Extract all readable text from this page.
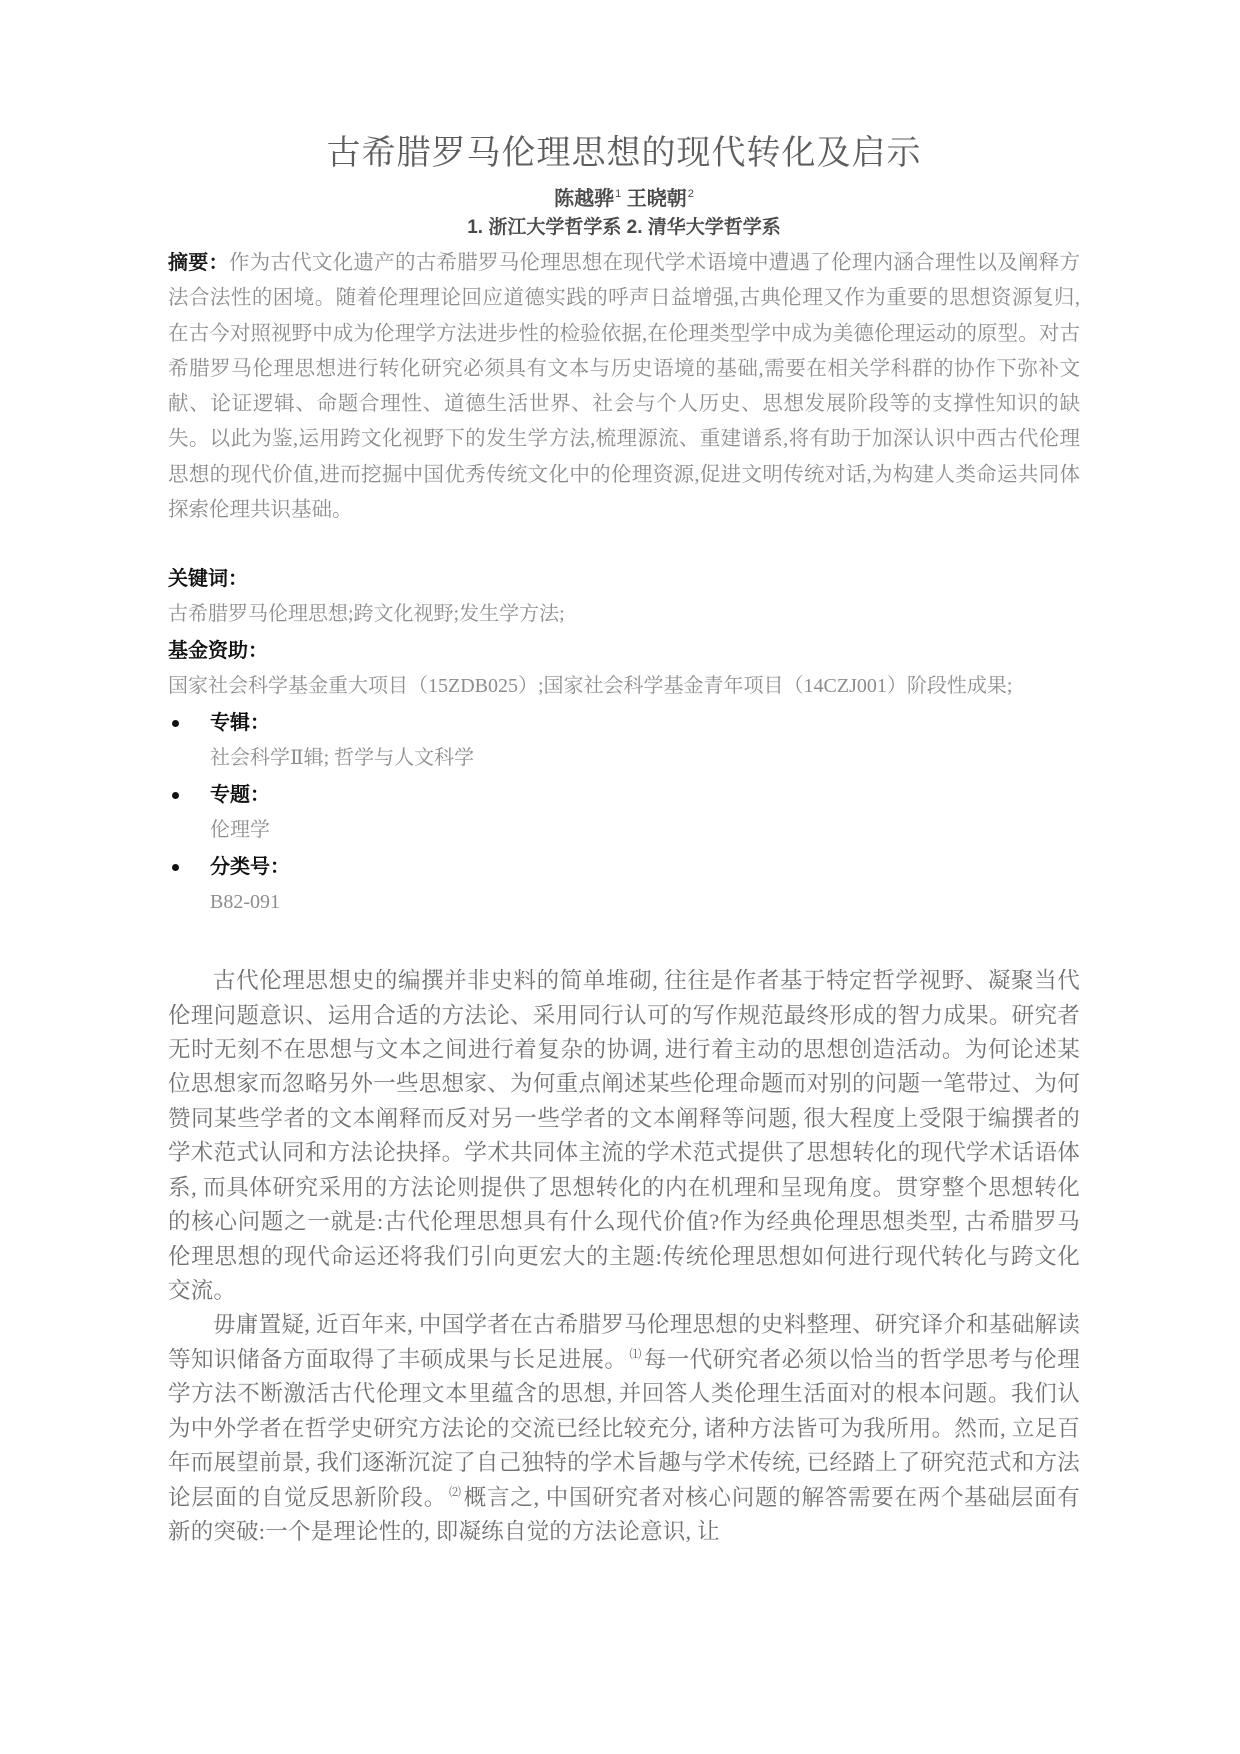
古希腊罗马伦理思想的现代转化及启示
陈越骅$^1$ 王晓朝$^2$
1. 浙江大学哲学系 2. 清华大学哲学系

摘要：作为古代文化遗产的古希腊罗马伦理思想在现代学术语境中遭遇了伦理内涵合理性以及阐释方法合法性的困境。随着伦理理论回应道德实践的呼声日益增强,古典伦理又作为重要的思想资源复归,在古今对照视野中成为伦理学方法进步性的检验依据,在伦理类型学中成为美德伦理运动的原型。对古希腊罗马伦理思想进行转化研究必须具有文本与历史语境的基础,需要在相关学科群的协作下弥补文献、论证逻辑、命题合理性、道德生活世界、社会与个人历史、思想发展阶段等的支撑性知识的缺失。以此为鉴,运用跨文化视野下的发生学方法,梳理源流、重建谱系,将有助于加深认识中西古代伦理思想的现代价值,进而挖掘中国优秀传统文化中的伦理资源,促进文明传统对话,为构建人类命运共同体探索伦理共识基础。

关键词：

古希腊罗马伦理思想;跨文化视野;发生学方法;

基金资助：

国家社会科学基金重大项目（15ZDB025）;国家社会科学基金青年项目（14CZJ001）阶段性成果;

专辑：

社会科学Ⅱ辑; 哲学与人文科学

专题：

伦理学

分类号：

B82-091

古代伦理思想史的编撰并非史料的简单堆砌, 往往是作者基于特定哲学视野、凝聚当代伦理问题意识、运用合适的方法论、采用同行认可的写作规范最终形成的智力成果。研究者无时无刻不在思想与文本之间进行着复杂的协调, 进行着主动的思想创造活动。为何论述某位思想家而忽略另外一些思想家、为何重点阐述某些伦理命题而对别的问题一笔带过、为何赞同某些学者的文本阐释而反对另一些学者的文本阐释等问题, 很大程度上受限于编撰者的学术范式认同和方法论抉择。学术共同体主流的学术范式提供了思想转化的现代学术话语体系, 而具体研究采用的方法论则提供了思想转化的内在机理和呈现角度。贯穿整个思想转化的核心问题之一就是:古代伦理思想具有什么现代价值?作为经典伦理思想类型, 古希腊罗马伦理思想的现代命运还将我们引向更宏大的主题:传统伦理思想如何进行现代转化与跨文化交流。

毋庸置疑, 近百年来, 中国学者在古希腊罗马伦理思想的史料整理、研究译介和基础解读等知识储备方面取得了丰硕成果与长足进展。 ⑴每一代研究者必须以恰当的哲学思考与伦理学方法不断激活古代伦理文本里蕴含的思想, 并回答人类伦理生活面对的根本问题。我们认为中外学者在哲学史研究方法论的交流已经比较充分, 诸种方法皆可为我所用。然而, 立足百年而展望前景, 我们逐渐沉淀了自己独特的学术旨趣与学术传统, 已经踏上了研究范式和方法论层面的自觉反思新阶段。 ⑵概言之, 中国研究者对核心问题的解答需要在两个基础层面有新的突破:一个是理论性的, 即凝练自觉的方法论意识, 让
